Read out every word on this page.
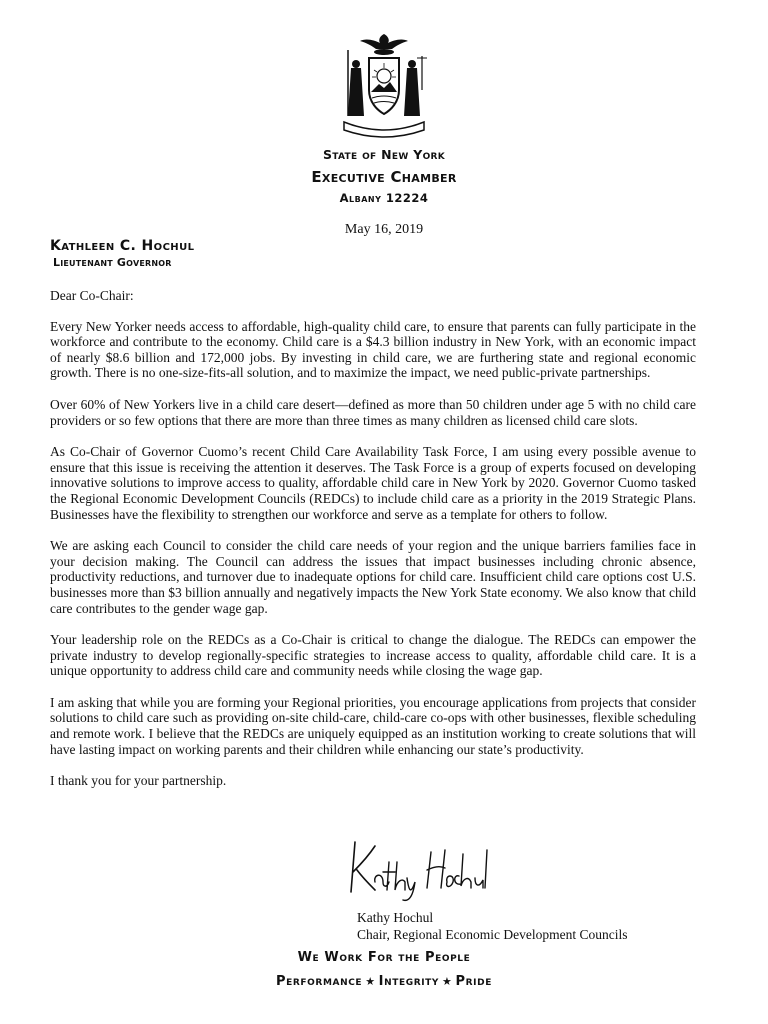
State of New York
Executive Chamber
Albany 12224
May 16, 2019
Kathleen C. Hochul
Lieutenant Governor

Dear Co-Chair:

Every New Yorker needs access to affordable, high-quality child care, to ensure that parents can fully participate in the workforce and contribute to the economy. Child care is a $4.3 billion industry in New York, with an economic impact of nearly $8.6 billion and 172,000 jobs. By investing in child care, we are furthering state and regional economic growth. There is no one-size-fits-all solution, and to maximize the impact, we need public-private partnerships.

Over 60% of New Yorkers live in a child care desert—defined as more than 50 children under age 5 with no child care providers or so few options that there are more than three times as many children as licensed child care slots.

As Co-Chair of Governor Cuomo’s recent Child Care Availability Task Force, I am using every possible avenue to ensure that this issue is receiving the attention it deserves. The Task Force is a group of experts focused on developing innovative solutions to improve access to quality, affordable child care in New York by 2020. Governor Cuomo tasked the Regional Economic Development Councils (REDCs) to include child care as a priority in the 2019 Strategic Plans. Businesses have the flexibility to strengthen our workforce and serve as a template for others to follow.

We are asking each Council to consider the child care needs of your region and the unique barriers families face in your decision making. The Council can address the issues that impact businesses including chronic absence, productivity reductions, and turnover due to inadequate options for child care. Insufficient child care options cost U.S. businesses more than $3 billion annually and negatively impacts the New York State economy. We also know that child care contributes to the gender wage gap.

Your leadership role on the REDCs as a Co-Chair is critical to change the dialogue. The REDCs can empower the private industry to develop regionally-specific strategies to increase access to quality, affordable child care. It is a unique opportunity to address child care and community needs while closing the wage gap.

I am asking that while you are forming your Regional priorities, you encourage applications from projects that consider solutions to child care such as providing on-site child-care, child-care co-ops with other businesses, flexible scheduling and remote work. I believe that the REDCs are uniquely equipped as an institution working to create solutions that will have lasting impact on working parents and their children while enhancing our state’s productivity.

I thank you for your partnership.

Kathy Hochul
Chair, Regional Economic Development Councils
We Work For the People
Performance ★ Integrity ★ Pride
